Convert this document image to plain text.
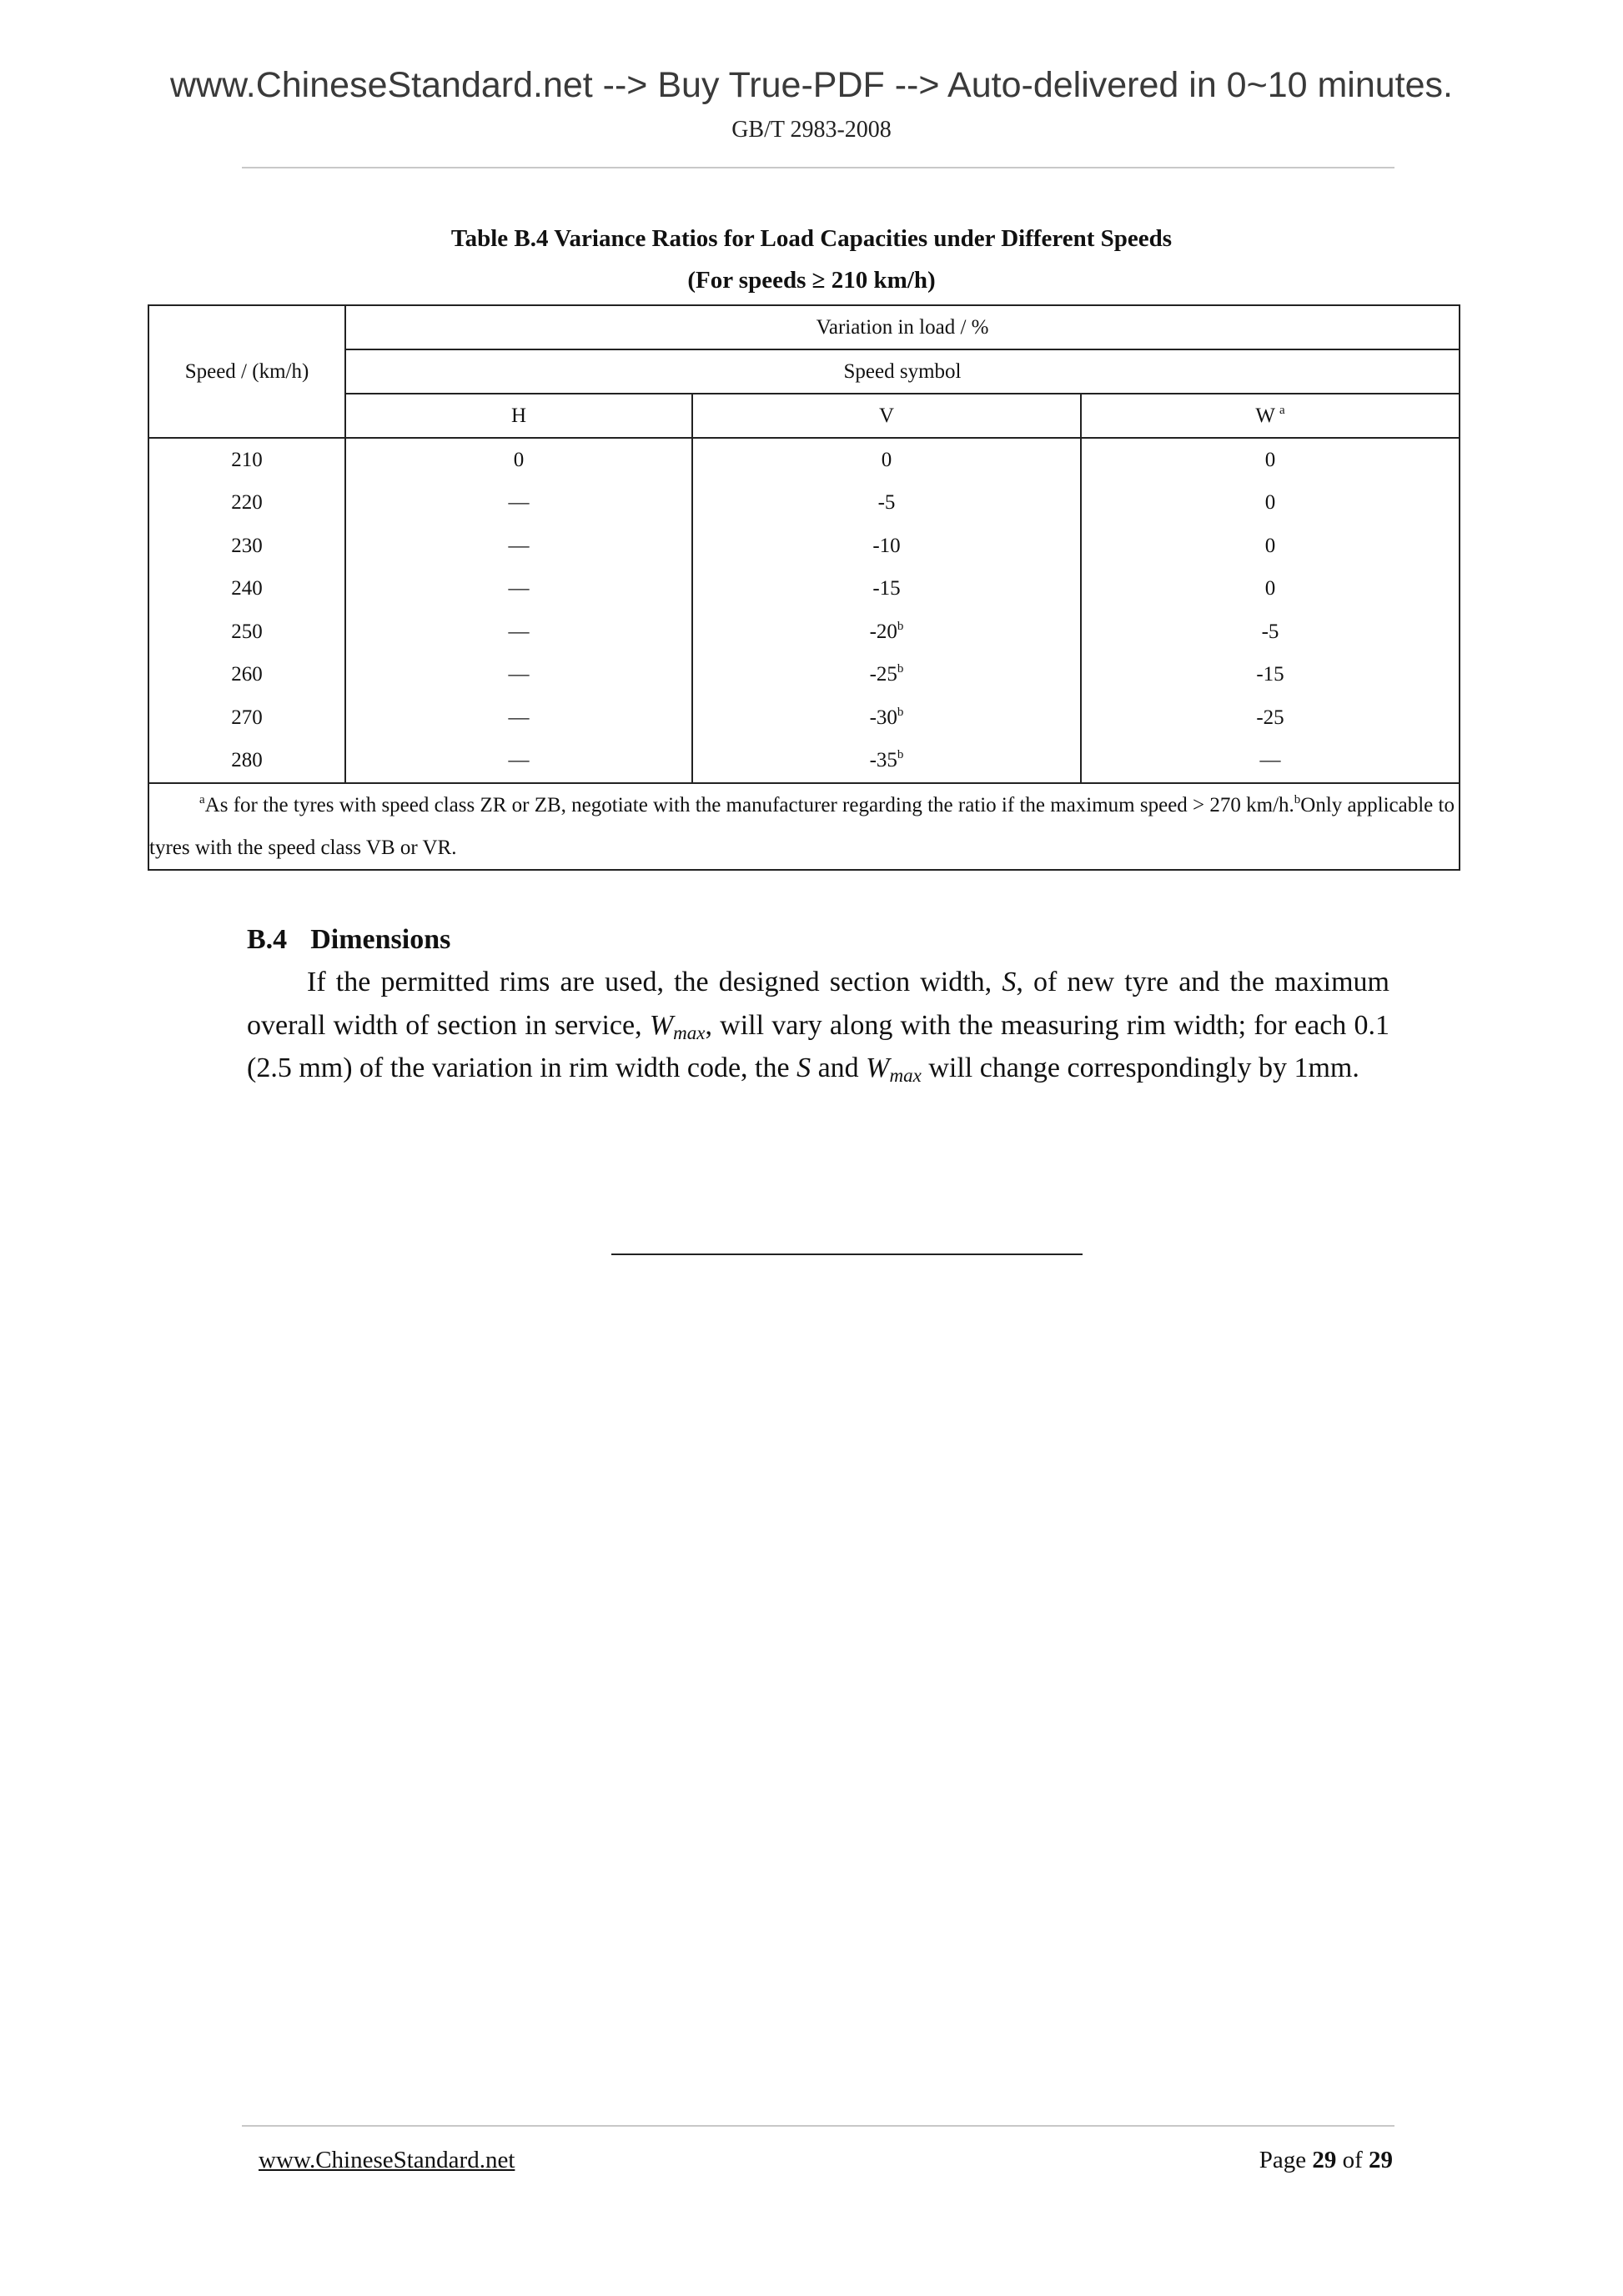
www.ChineseStandard.net --> Buy True-PDF --> Auto-delivered in 0~10 minutes.
GB/T 2983-2008
Table B.4 Variance Ratios for Load Capacities under Different Speeds
(For speeds ≥ 210 km/h)
Speed / (km/h)	Variation in load / %		
	Speed symbol		
	H	V	W  $^a$
210	0	0	0
220	—	-5	0
230	—	-10	0
240	—	-15	0
250	—	-20$^b$	-5
260	—	-25$^b$	-15
270	—	-30$^b$	-25
280	—	-35$^b$	—
$^a$As for the tyres with speed class ZR or ZB, negotiate with the manufacturer regarding the ratio if the maximum speed > 270 km/h.$^b$Only applicable to tyres with the speed class VB or VR.			
B.4 Dimensions
If the permitted rims are used, the designed section width, S, of new tyre and the maximum overall width of section in service, $W_{max}$, will vary along with the measuring rim width; for each 0.1 (2.5 mm) of the variation in rim width code, the S and $W_{max}$ will change correspondingly by 1mm.
www.ChineseStandard.net	Page 29 of 29
